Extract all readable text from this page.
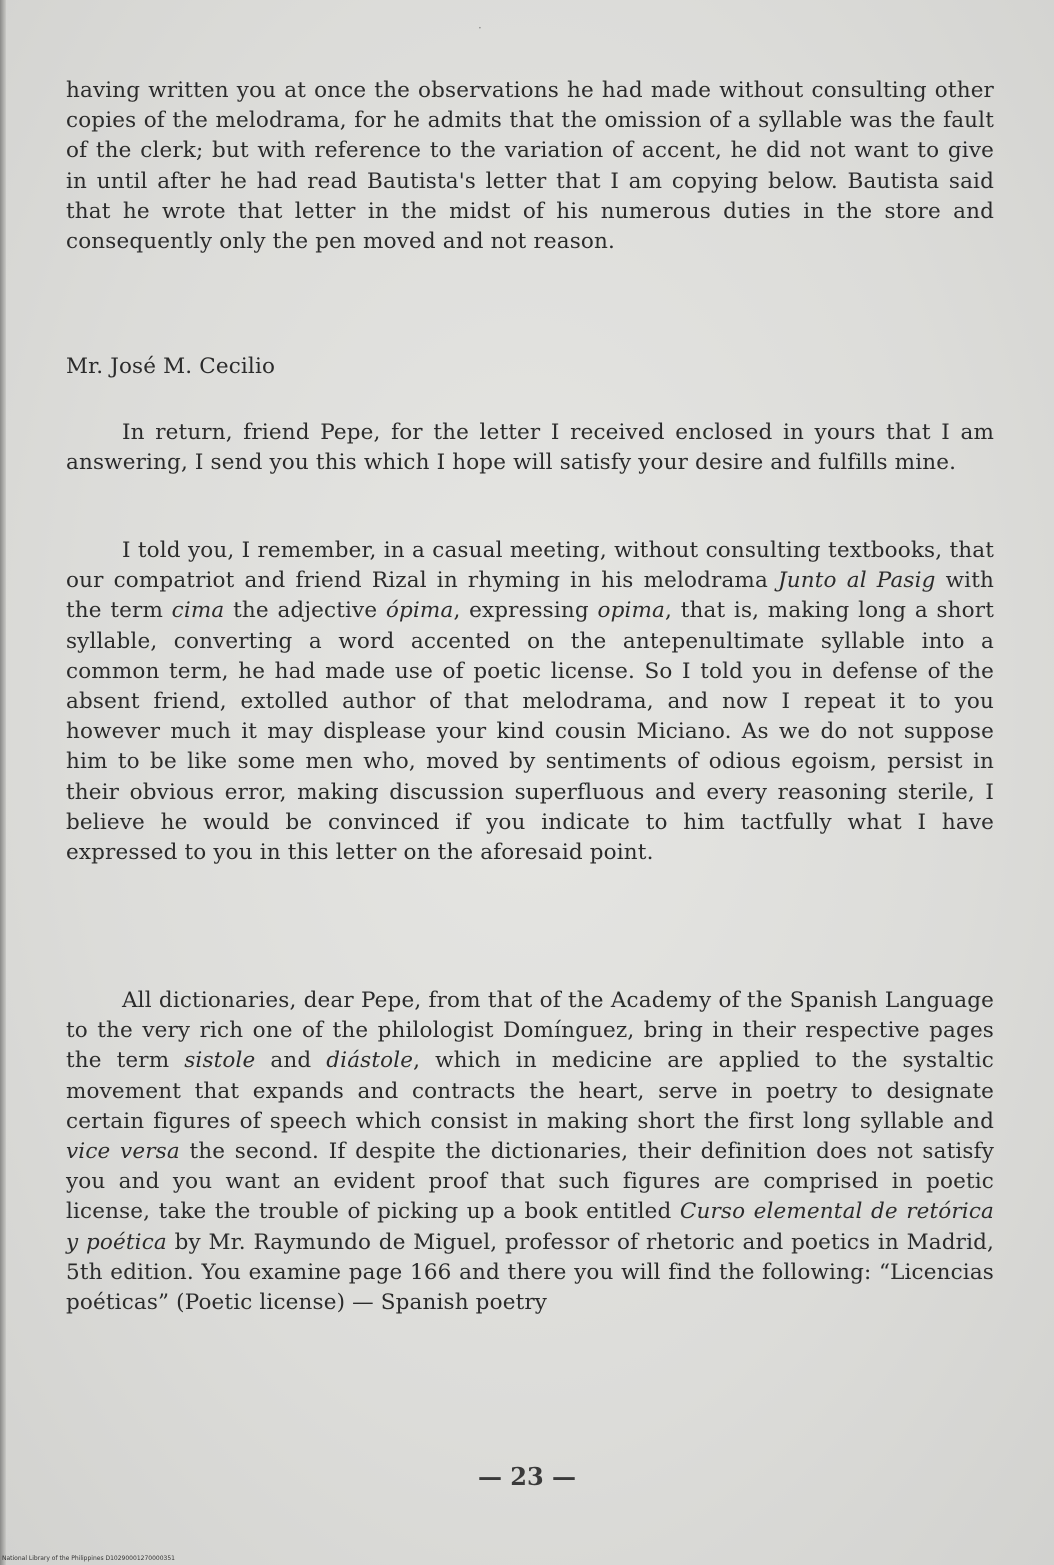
·

having written you at once the observations he had made without consulting other copies of the melodrama, for he admits that the omission of a syllable was the fault of the clerk; but with reference to the variation of accent, he did not want to give in until after he had read Bautista's letter that I am copying below. Bautista said that he wrote that letter in the midst of his numerous duties in the store and consequently only the pen moved and not reason.

Mr. José M. Cecilio

In return, friend Pepe, for the letter I received enclosed in yours that I am answering, I send you this which I hope will satisfy your desire and fulfills mine.

I told you, I remember, in a casual meeting, without consulting textbooks, that our compatriot and friend Rizal in rhyming in his melodrama Junto al Pasig with the term cima the adjective ópima, expressing opima, that is, making long a short syllable, converting a word accented on the antepenultimate syllable into a common term, he had made use of poetic license. So I told you in defense of the absent friend, extolled author of that melodrama, and now I repeat it to you however much it may displease your kind cousin Miciano. As we do not suppose him to be like some men who, moved by sentiments of odious egoism, persist in their obvious error, making discussion superfluous and every reasoning sterile, I believe he would be convinced if you indicate to him tactfully what I have expressed to you in this letter on the aforesaid point.

All dictionaries, dear Pepe, from that of the Academy of the Spanish Language to the very rich one of the philologist Domínguez, bring in their respective pages the term sistole and diástole, which in medicine are applied to the systaltic movement that expands and contracts the heart, serve in poetry to designate certain figures of speech which consist in making short the first long syllable and vice versa the second. If despite the dictionaries, their definition does not satisfy you and you want an evident proof that such figures are comprised in poetic license, take the trouble of picking up a book entitled Curso elemental de retórica y poética by Mr. Raymundo de Miguel, professor of rhetoric and poetics in Madrid, 5th edition. You examine page 166 and there you will find the following: “Licencias poéticas” (Poetic license) — Spanish poetry

— 23 —
National Library of the Philippines D10290001270000351
